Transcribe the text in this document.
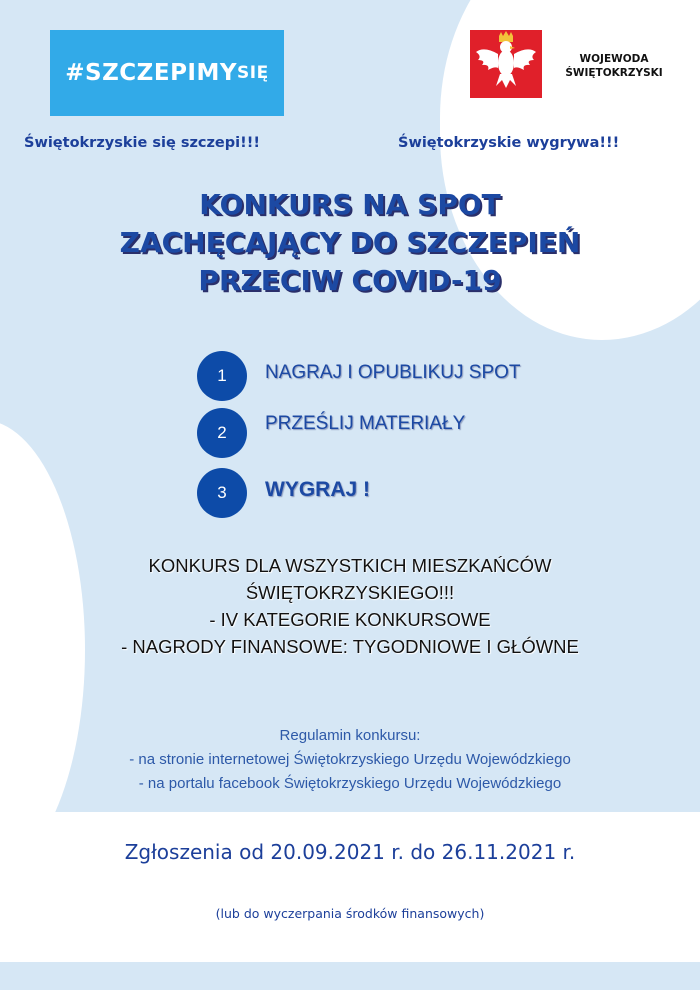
#SZCZEPIMY SIĘ
WOJEWODA
ŚWIĘTOKRZYSKI
Świętokrzyskie się szczepi!!!	Świętokrzyskie wygrywa!!!
KONKURS NA SPOT
ZACHĘCAJĄCY DO SZCZEPIEŃ
PRZECIW COVID-19
1	NAGRAJ I OPUBLIKUJ SPOT
2	PRZEŚLIJ MATERIAŁY
3	WYGRAJ !
KONKURS DLA WSZYSTKICH MIESZKAŃCÓW
ŚWIĘTOKRZYSKIEGO!!!
- IV KATEGORIE KONKURSOWE
- NAGRODY FINANSOWE: TYGODNIOWE I GŁÓWNE
Regulamin konkursu:
- na stronie internetowej Świętokrzyskiego Urzędu Wojewódzkiego
- na portalu facebook Świętokrzyskiego Urzędu Wojewódzkiego
Zgłoszenia od 20.09.2021 r. do 26.11.2021 r.
(lub do wyczerpania środków finansowych)
